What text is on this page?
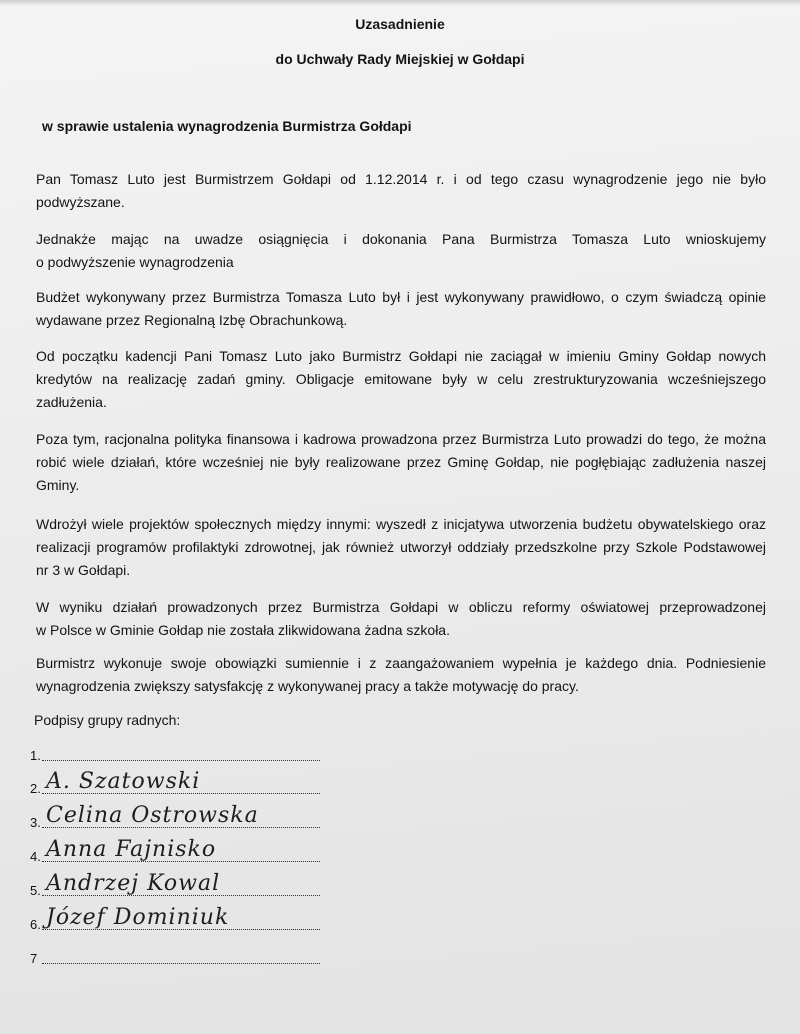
Uzasadnienie
do Uchwały Rady Miejskiej w Gołdapi
w sprawie ustalenia wynagrodzenia Burmistrza Gołdapi
Pan Tomasz Luto jest Burmistrzem Gołdapi od 1.12.2014 r. i od tego czasu wynagrodzenie jego nie było
podwyższane.
Jednakże mając na uwadze osiągnięcia i dokonania Pana Burmistrza Tomasza Luto wnioskujemy
o podwyższenie wynagrodzenia
Budżet wykonywany przez Burmistrza Tomasza Luto był i jest wykonywany prawidłowo, o czym świadczą opinie
wydawane przez Regionalną Izbę Obrachunkową.
Od początku kadencji Pani Tomasz Luto jako Burmistrz Gołdapi nie zaciągał w imieniu Gminy Gołdap nowych
kredytów na realizację zadań gminy. Obligacje emitowane były w celu zrestrukturyzowania wcześniejszego
zadłużenia.
Poza tym, racjonalna polityka finansowa i kadrowa prowadzona przez Burmistrza Luto prowadzi do tego, że można
robić wiele działań, które wcześniej nie były realizowane przez Gminę Gołdap, nie pogłębiając zadłużenia naszej
Gminy.
Wdrożył wiele projektów społecznych między innymi: wyszedł z inicjatywa utworzenia budżetu obywatelskiego oraz
realizacji programów profilaktyki zdrowotnej, jak również utworzył oddziały przedszkolne przy Szkole Podstawowej
nr 3 w Gołdapi.
W wyniku działań prowadzonych przez Burmistrza Gołdapi w obliczu reformy oświatowej przeprowadzonej
w Polsce w Gminie Gołdap nie została zlikwidowana żadna szkoła.
Burmistrz wykonuje swoje obowiązki sumiennie i z zaangażowaniem wypełnia je każdego dnia. Podniesienie
wynagrodzenia zwiększy satysfakcję z wykonywanej pracy a także motywację do pracy.
Podpisy grupy radnych:
1.
2. A. Szatowski
3. Celina Ostrowska
4. Anna Fajnisko
5. Andrzej Kowal
6. Józef Dominiuk
7
